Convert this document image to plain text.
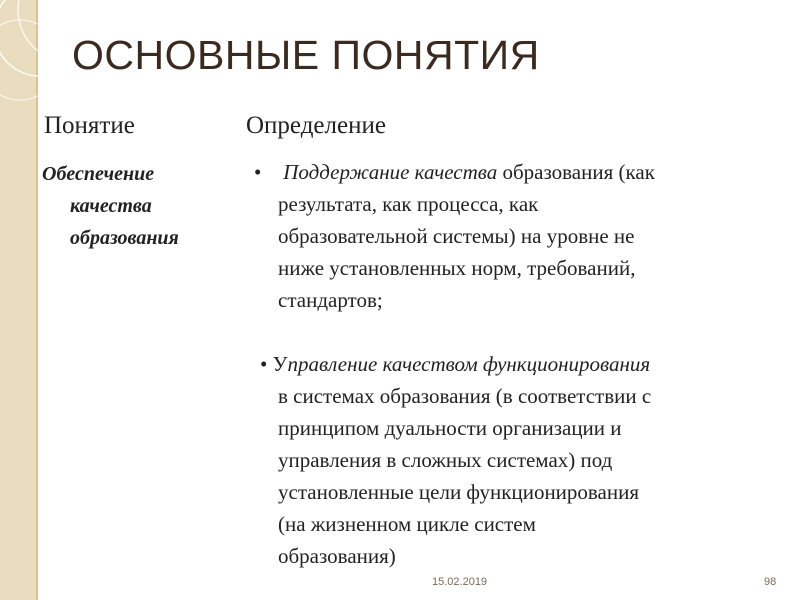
ОСНОВНЫЕ ПОНЯТИЯ
Понятие	Определение
Обеспечение
качества
образования
• Поддержание качества образования (как
результата, как процесса, как
образовательной системы) на уровне не
ниже установленных норм, требований,
стандартов;
• Управление качеством функционирования
в системах образования (в соответствии с
принципом дуальности организации и
управления в сложных системах) под
установленные цели функционирования
(на жизненном цикле систем
образования)
15.02.2019	98
